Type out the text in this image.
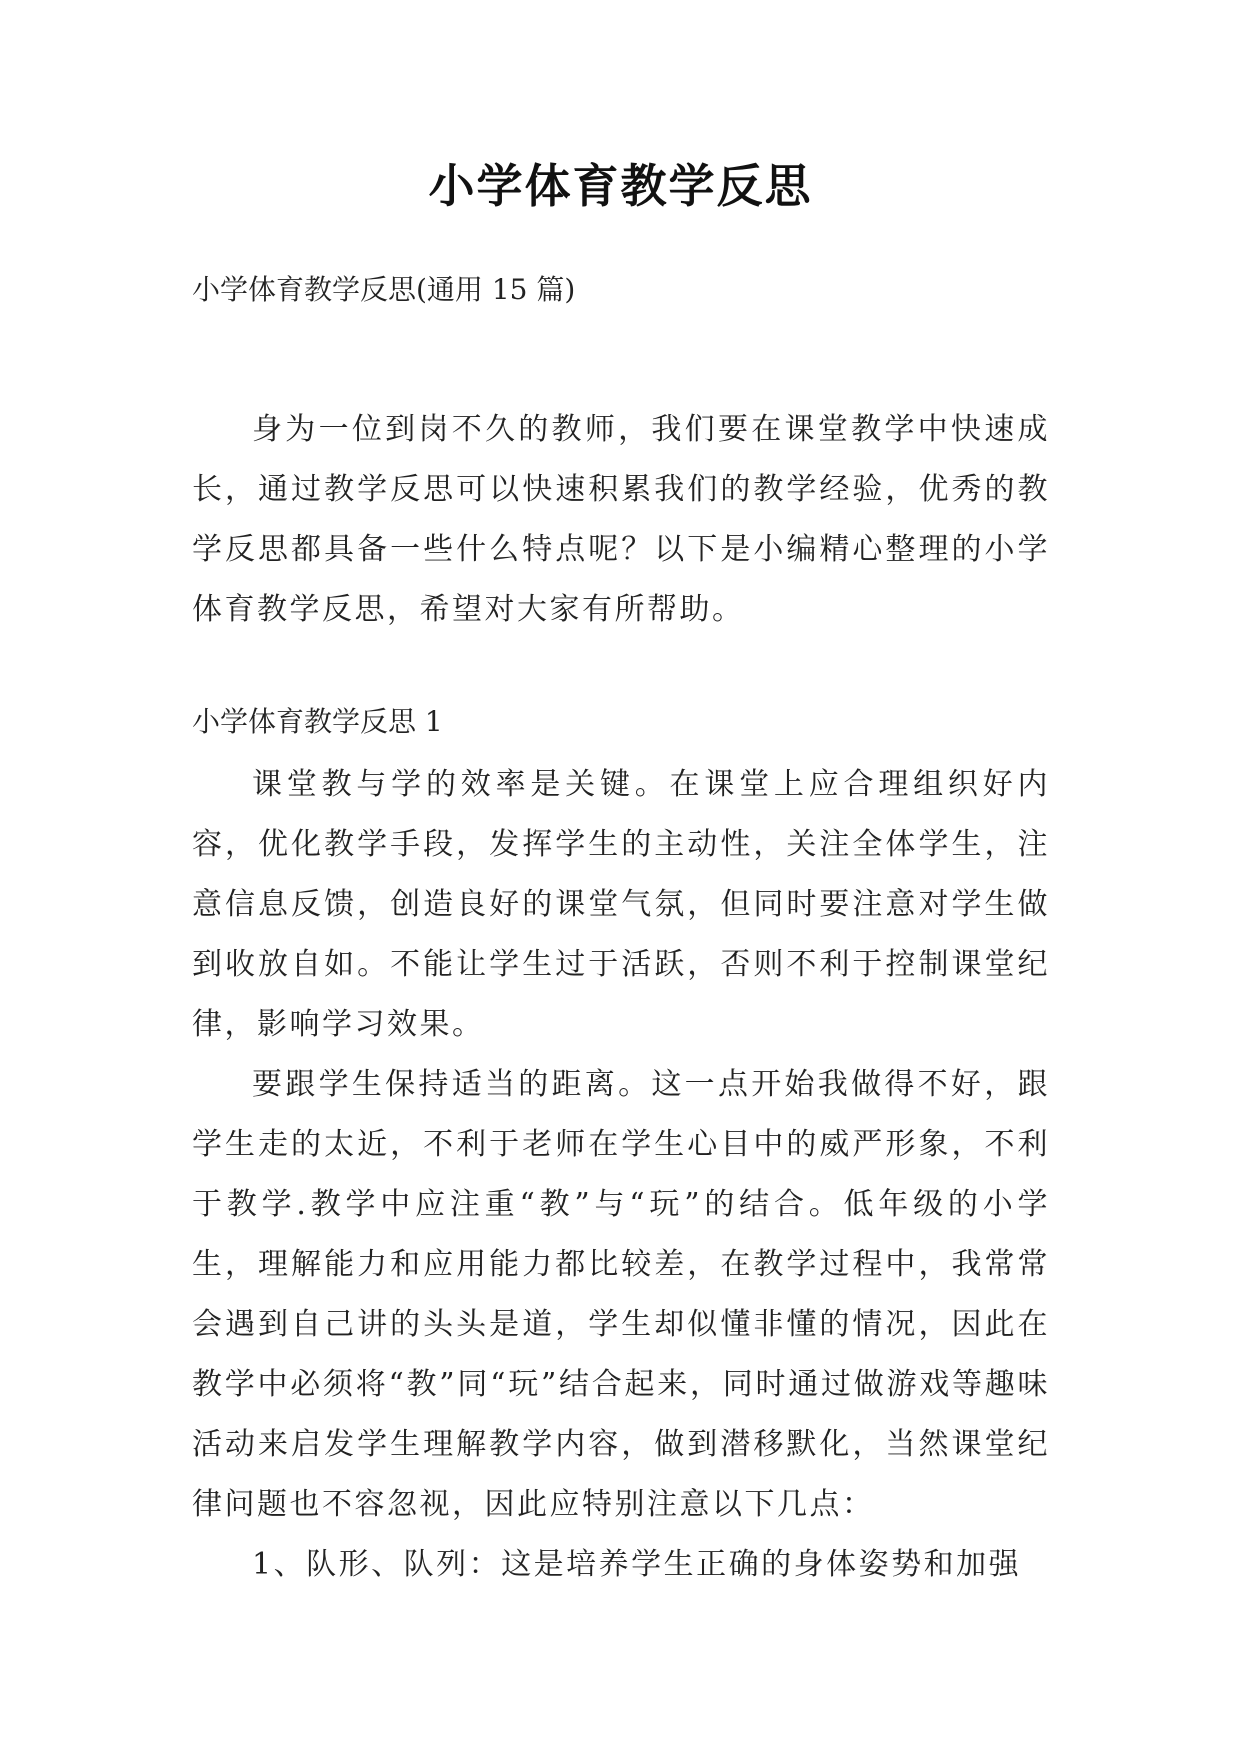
小学体育教学反思

小学体育教学反思(通用 15 篇)

身为一位到岗不久的教师，我们要在课堂教学中快速成长，通过教学反思可以快速积累我们的教学经验，优秀的教学反思都具备一些什么特点呢？以下是小编精心整理的小学体育教学反思，希望对大家有所帮助。

小学体育教学反思 1

课堂教与学的效率是关键。在课堂上应合理组织好内容，优化教学手段，发挥学生的主动性，关注全体学生，注意信息反馈，创造良好的课堂气氛，但同时要注意对学生做到收放自如。不能让学生过于活跃，否则不利于控制课堂纪律，影响学习效果。

要跟学生保持适当的距离。这一点开始我做得不好，跟学生走的太近，不利于老师在学生心目中的威严形象，不利于教学.教学中应注重“教”与“玩”的结合。低年级的小学生，理解能力和应用能力都比较差，在教学过程中，我常常会遇到自己讲的头头是道，学生却似懂非懂的情况，因此在教学中必须将“教”同“玩”结合起来，同时通过做游戏等趣味活动来启发学生理解教学内容，做到潜移默化，当然课堂纪律问题也不容忽视，因此应特别注意以下几点：

1、队形、队列：这是培养学生正确的身体姿势和加强
